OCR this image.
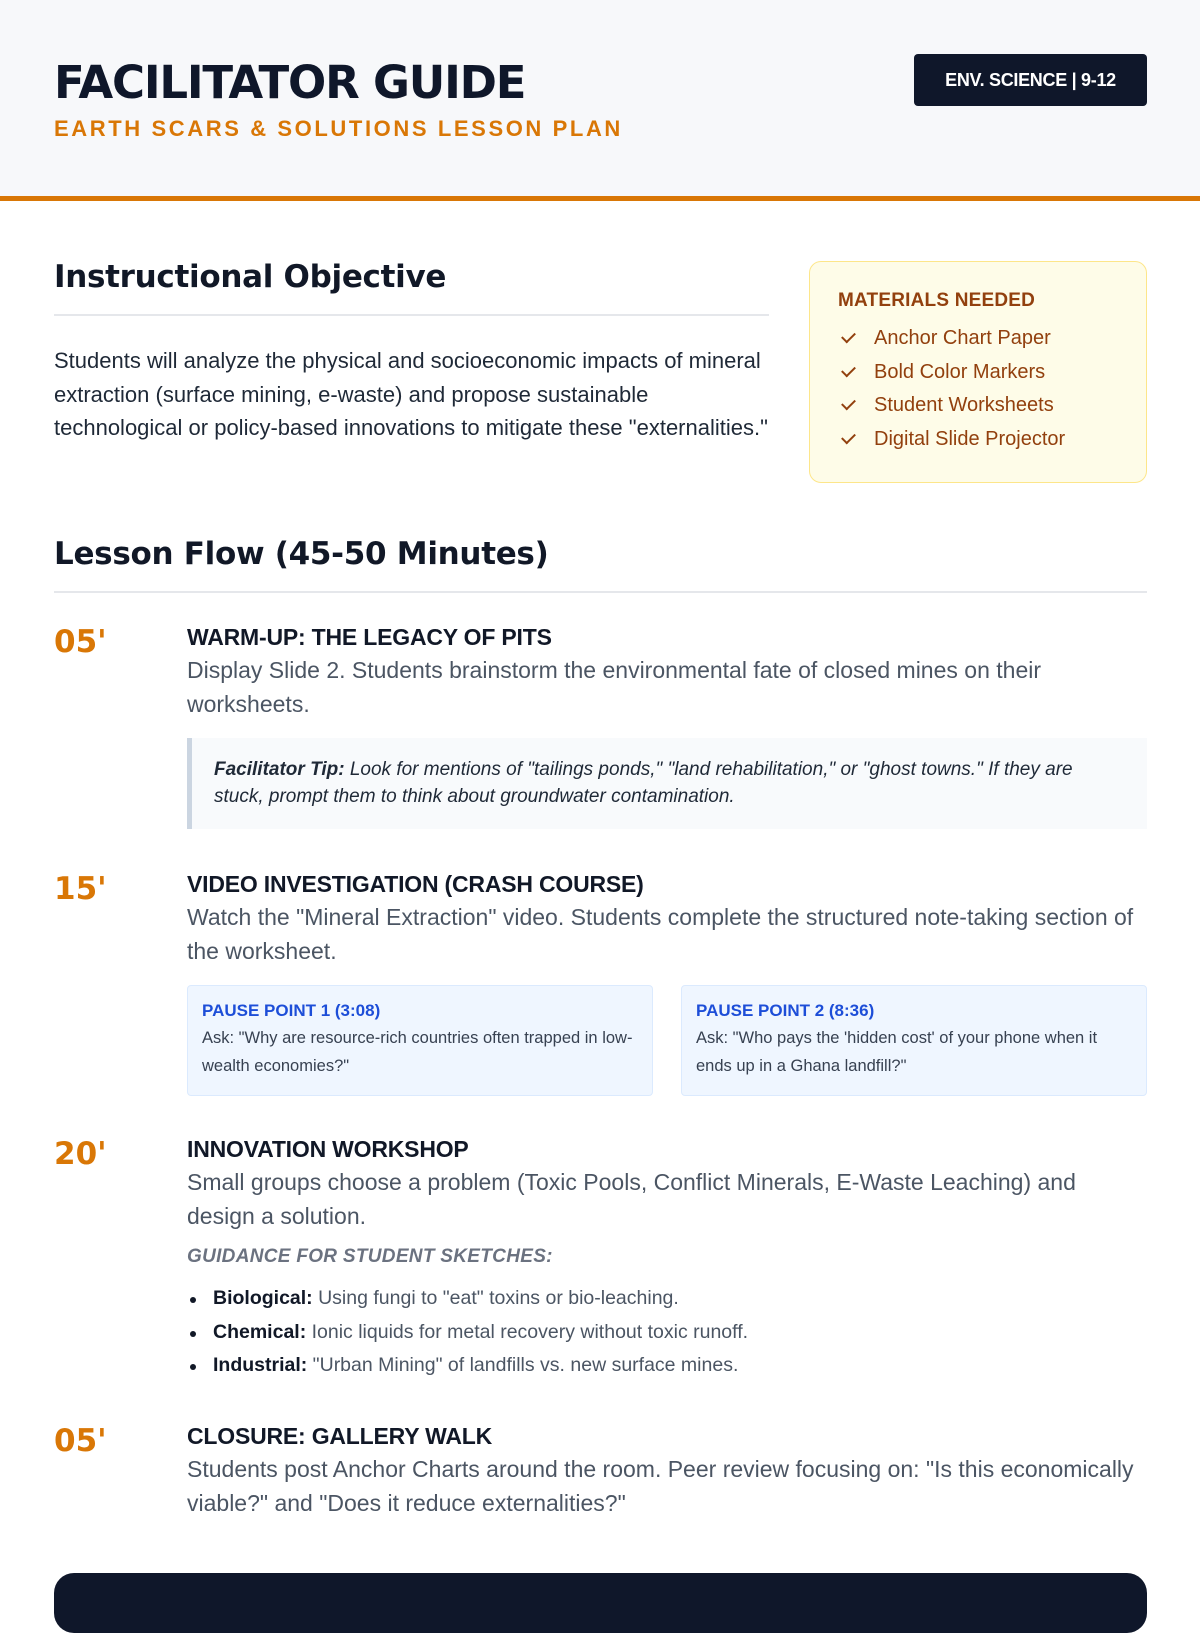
FACILITATOR GUIDE
EARTH SCARS & SOLUTIONS LESSON PLAN
ENV. SCIENCE | 9-12
Instructional Objective

Students will analyze the physical and socioeconomic impacts of mineral extraction (surface mining, e-waste) and propose sustainable technological or policy-based innovations to mitigate these "externalities."

MATERIALS NEEDED
Anchor Chart Paper
Bold Color Markers
Student Worksheets
Digital Slide Projector
Lesson Flow (45-50 Minutes)
05'	WARM-UP: THE LEGACY OF PITS
Display Slide 2. Students brainstorm the environmental fate of closed mines on their worksheets.
Facilitator Tip: Look for mentions of "tailings ponds," "land rehabilitation," or "ghost towns." If they are stuck, prompt them to think about groundwater contamination.
15'	VIDEO INVESTIGATION (CRASH COURSE)
Watch the "Mineral Extraction" video. Students complete the structured note-taking section of the worksheet.
PAUSE POINT 1 (3:08)
Ask: "Why are resource-rich countries often trapped in low-wealth economies?"
PAUSE POINT 2 (8:36)
Ask: "Who pays the 'hidden cost' of your phone when it ends up in a Ghana landfill?"
20'	INNOVATION WORKSHOP
Small groups choose a problem (Toxic Pools, Conflict Minerals, E-Waste Leaching) and design a solution.
GUIDANCE FOR STUDENT SKETCHES:
Biological: Using fungi to "eat" toxins or bio-leaching.
Chemical: Ionic liquids for metal recovery without toxic runoff.
Industrial: "Urban Mining" of landfills vs. new surface mines.
05'	CLOSURE: GALLERY WALK
Students post Anchor Charts around the room. Peer review focusing on: "Is this economically viable?" and "Does it reduce externalities?"
